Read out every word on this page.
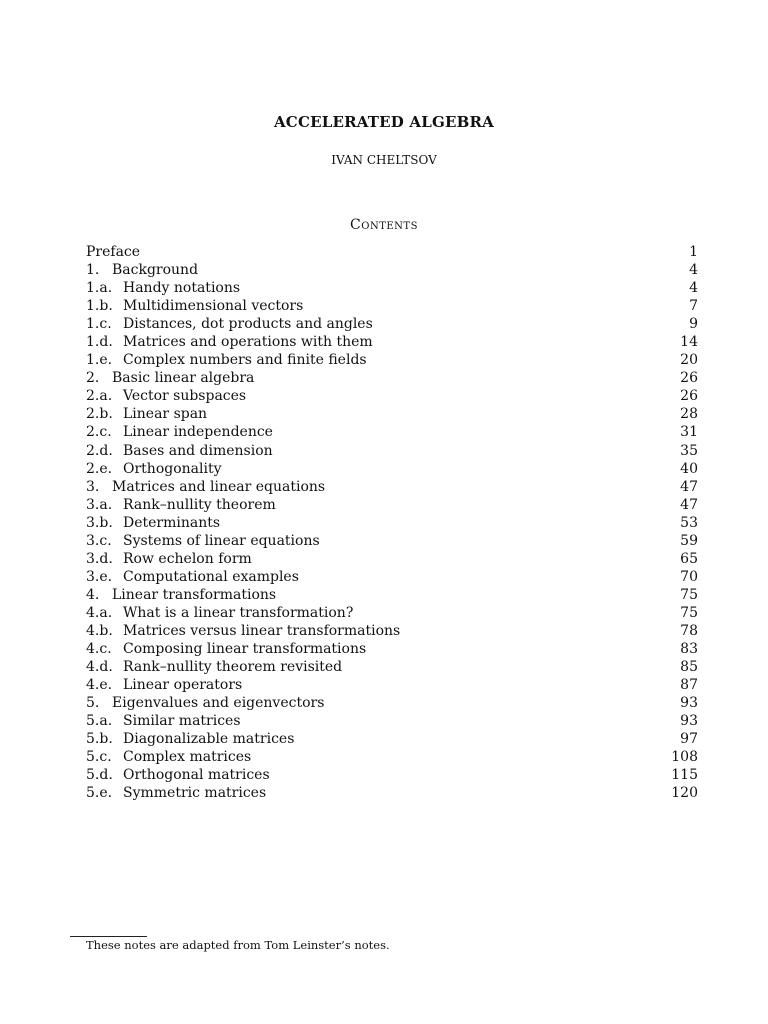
ACCELERATED ALGEBRA
IVAN CHELTSOV
Contents
Preface	1
1. Background	4
1.a. Handy notations	4
1.b. Multidimensional vectors	7
1.c. Distances, dot products and angles	9
1.d. Matrices and operations with them	14
1.e. Complex numbers and finite fields	20
2. Basic linear algebra	26
2.a. Vector subspaces	26
2.b. Linear span	28
2.c. Linear independence	31
2.d. Bases and dimension	35
2.e. Orthogonality	40
3. Matrices and linear equations	47
3.a. Rank–nullity theorem	47
3.b. Determinants	53
3.c. Systems of linear equations	59
3.d. Row echelon form	65
3.e. Computational examples	70
4. Linear transformations	75
4.a. What is a linear transformation?	75
4.b. Matrices versus linear transformations	78
4.c. Composing linear transformations	83
4.d. Rank–nullity theorem revisited	85
4.e. Linear operators	87
5. Eigenvalues and eigenvectors	93
5.a. Similar matrices	93
5.b. Diagonalizable matrices	97
5.c. Complex matrices	108
5.d. Orthogonal matrices	115
5.e. Symmetric matrices	120
These notes are adapted from Tom Leinster’s notes.
